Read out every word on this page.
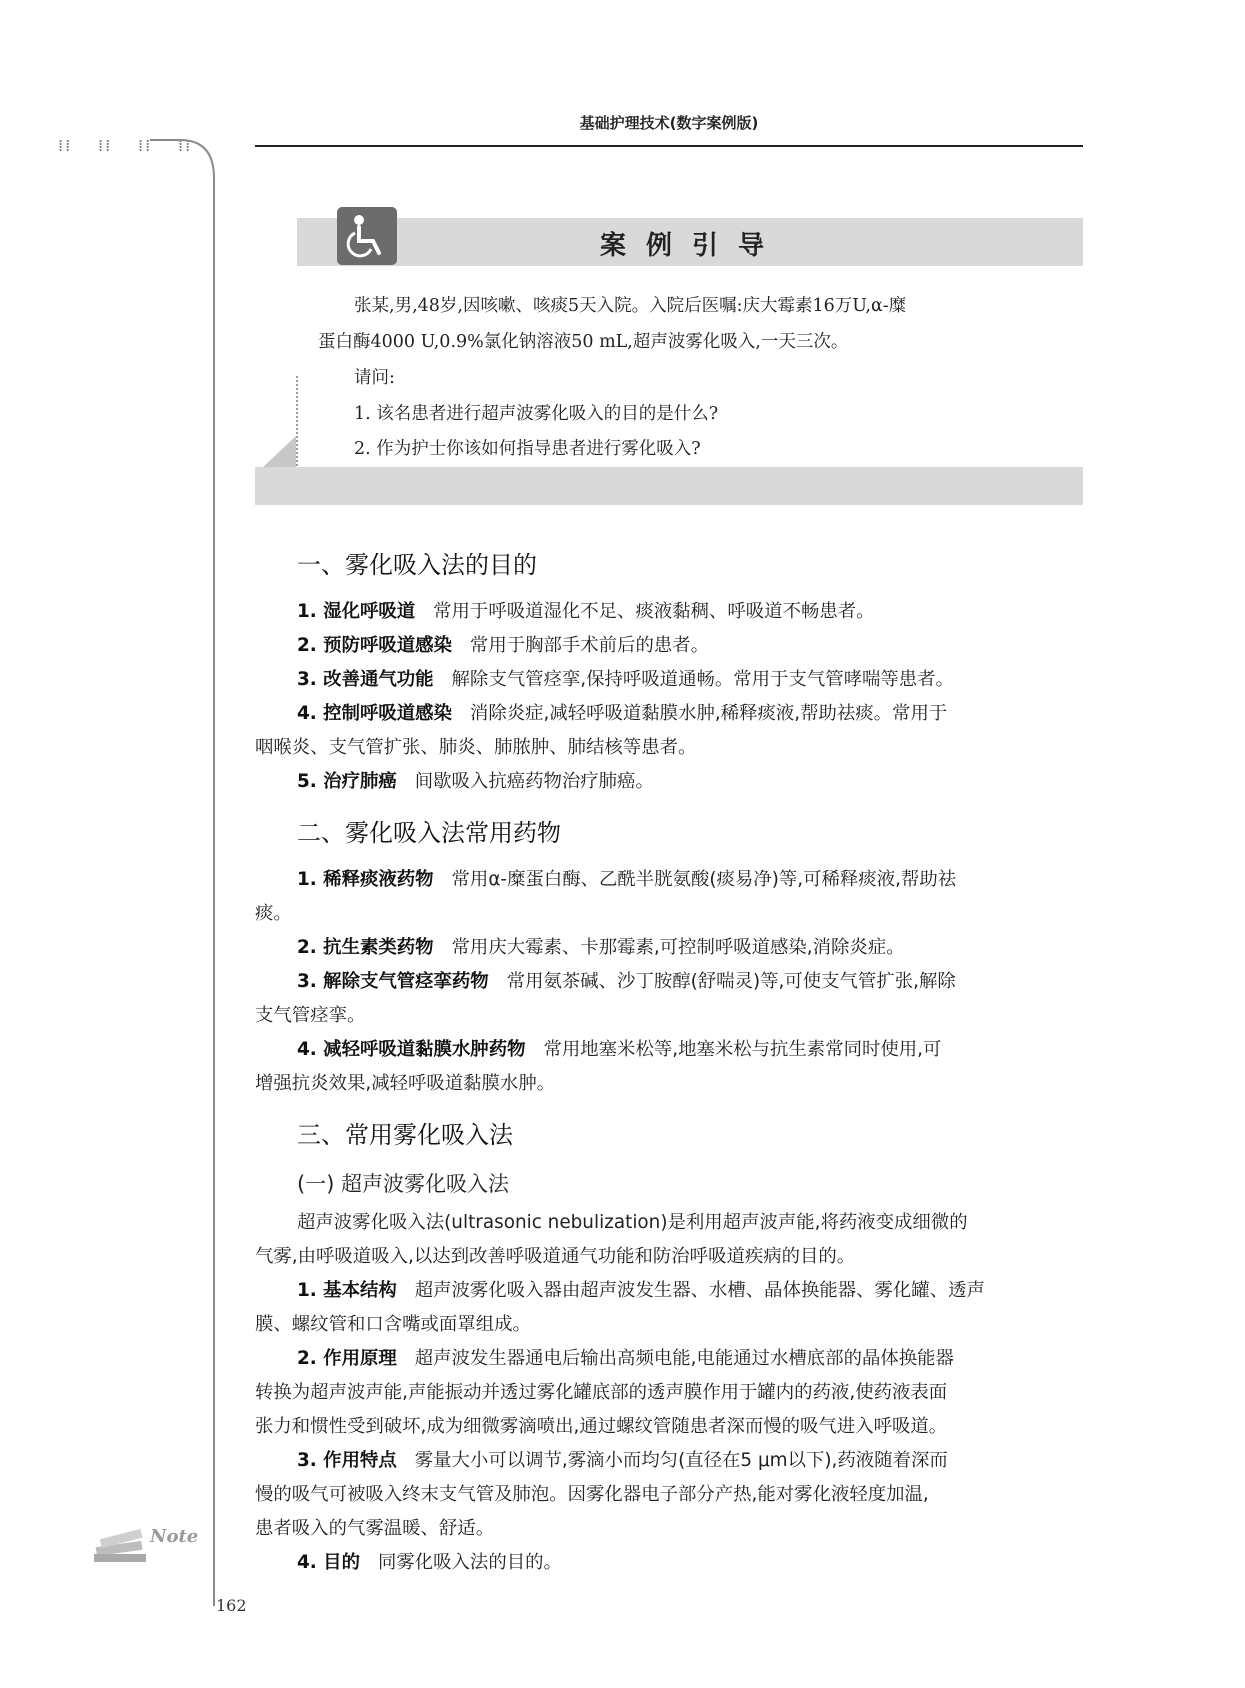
⁞⁞ ⁞⁞ ⁞⁞ ⁞⁞
Note
162
基础护理技术(数字案例版)
案例引导
张某,男,48岁,因咳嗽、咳痰5天入院。入院后医嘱:庆大霉素16万U,α-糜
蛋白酶4000 U,0.9%氯化钠溶液50 mL,超声波雾化吸入,一天三次。
请问:
1. 该名患者进行超声波雾化吸入的目的是什么?
2. 作为护士你该如何指导患者进行雾化吸入?
一、雾化吸入法的目的
1. 湿化呼吸道 常用于呼吸道湿化不足、痰液黏稠、呼吸道不畅患者。
2. 预防呼吸道感染 常用于胸部手术前后的患者。
3. 改善通气功能 解除支气管痉挛,保持呼吸道通畅。常用于支气管哮喘等患者。
4. 控制呼吸道感染 消除炎症,减轻呼吸道黏膜水肿,稀释痰液,帮助祛痰。常用于
咽喉炎、支气管扩张、肺炎、肺脓肿、肺结核等患者。
5. 治疗肺癌 间歇吸入抗癌药物治疗肺癌。
二、雾化吸入法常用药物
1. 稀释痰液药物 常用α-糜蛋白酶、乙酰半胱氨酸(痰易净)等,可稀释痰液,帮助祛
痰。
2. 抗生素类药物 常用庆大霉素、卡那霉素,可控制呼吸道感染,消除炎症。
3. 解除支气管痉挛药物 常用氨茶碱、沙丁胺醇(舒喘灵)等,可使支气管扩张,解除
支气管痉挛。
4. 减轻呼吸道黏膜水肿药物 常用地塞米松等,地塞米松与抗生素常同时使用,可
增强抗炎效果,减轻呼吸道黏膜水肿。
三、常用雾化吸入法
(一) 超声波雾化吸入法
超声波雾化吸入法(ultrasonic nebulization)是利用超声波声能,将药液变成细微的
气雾,由呼吸道吸入,以达到改善呼吸道通气功能和防治呼吸道疾病的目的。
1. 基本结构 超声波雾化吸入器由超声波发生器、水槽、晶体换能器、雾化罐、透声
膜、螺纹管和口含嘴或面罩组成。
2. 作用原理 超声波发生器通电后输出高频电能,电能通过水槽底部的晶体换能器
转换为超声波声能,声能振动并透过雾化罐底部的透声膜作用于罐内的药液,使药液表面
张力和惯性受到破坏,成为细微雾滴喷出,通过螺纹管随患者深而慢的吸气进入呼吸道。
3. 作用特点 雾量大小可以调节,雾滴小而均匀(直径在5 μm以下),药液随着深而
慢的吸气可被吸入终末支气管及肺泡。因雾化器电子部分产热,能对雾化液轻度加温,
患者吸入的气雾温暖、舒适。
4. 目的 同雾化吸入法的目的。
